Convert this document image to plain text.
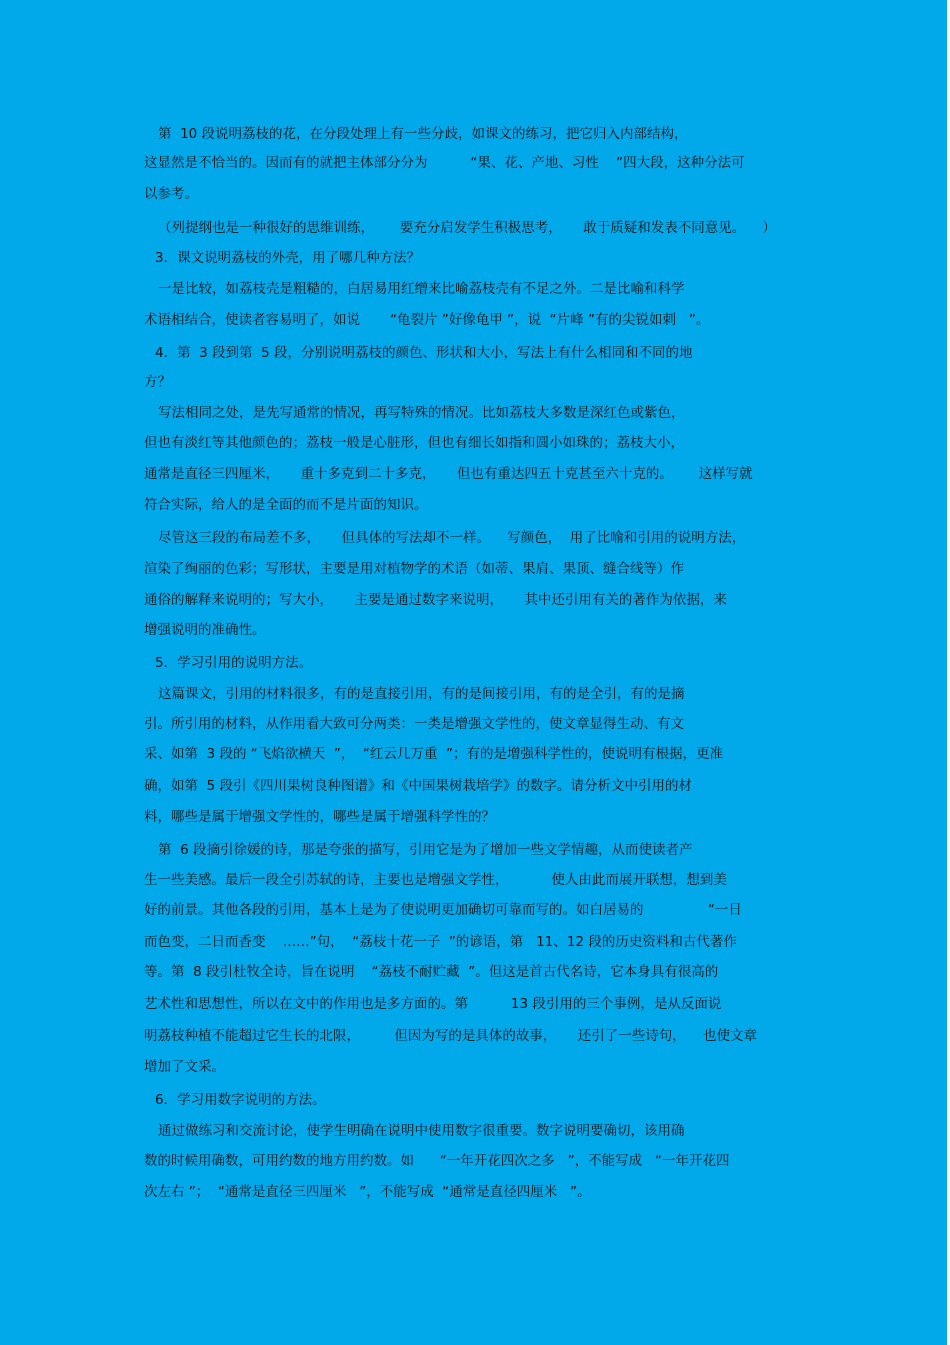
第  10 段说明荔枝的花，在分段处理上有一些分歧，如课文的练习，把它归入内部结构，
这显然是不恰当的。因而有的就把主体部分分为          “果、花、产地、习性    ”四大段，这种分法可
以参考。
（列提纲也是一种很好的思维训练，      要充分启发学生积极思考，     敢于质疑和发表不同意见。    ）
3．课文说明荔枝的外壳，用了哪几种方法？
一是比较，如荔枝壳是粗糙的，白居易用红缯来比喻荔枝壳有不足之外。二是比喻和科学
术语相结合，使读者容易明了，如说       “龟裂片 ”好像龟甲 ”，说  “片峰 ”有的尖锐如刺   ”。
4．第  3 段到第  5 段，分别说明荔枝的颜色、形状和大小，写法上有什么相同和不同的地
方？
写法相同之处，是先写通常的情况，再写特殊的情况。比如荔枝大多数是深红色或紫色，
但也有淡红等其他颜色的；荔枝一般是心脏形，但也有细长如指和圆小如珠的；荔枝大小，
通常是直径三四厘米，     重十多克到二十多克，     但也有重达四五十克甚至六十克的。      这样写就
符合实际，给人的是全面的而不是片面的知识。
尽管这三段的布局差不多，     但具体的写法却不一样。    写颜色，  用了比喻和引用的说明方法，
渲染了绚丽的色彩；写形状，主要是用对植物学的术语（如蒂、果肩、果顶、缝合线等）作
通俗的解释来说明的；写大小，     主要是通过数字来说明，     其中还引用有关的著作为依据，来
增强说明的准确性。
5．学习引用的说明方法。
这篇课文，引用的材料很多，有的是直接引用，有的是间接引用，有的是全引，有的是摘
引。所引用的材料，从作用看大致可分两类：一类是增强文学性的，使文章显得生动、有文
采、如第  3 段的 “飞焰欲横天  ”，  “红云几万重  ”；有的是增强科学性的，使说明有根据，更准
确，如第  5 段引《四川果树良种图谱》和《中国果树栽培学》的数字。请分析文中引用的材
料，哪些是属于增强文学性的，哪些是属于增强科学性的？
第  6 段摘引徐媛的诗，那是夸张的描写，引用它是为了增加一些文学情趣，从而使读者产
生一些美感。最后一段全引苏轼的诗，主要也是增强文学性，          使人由此而展开联想，想到美
好的前景。其他各段的引用，基本上是为了使说明更加确切可靠而写的。如白居易的               “一日
而色变，二日而香变    ……”句，  “荔枝十花一子  ”的谚语，第   11、12 段的历史资料和古代著作
等。第  8 段引杜牧全诗，旨在说明    “荔枝不耐贮藏  ”。但这是首古代名诗，它本身具有很高的
艺术性和思想性，所以在文中的作用也是多方面的。第          13 段引用的三个事例，是从反面说
明荔枝种植不能超过它生长的北限，        但因为写的是具体的故事，     还引了一些诗句，    也使文章
增加了文采。
6．学习用数字说明的方法。
通过做练习和交流讨论，使学生明确在说明中使用数字很重要。数字说明要确切，该用确
数的时候用确数，可用约数的地方用约数。如      “一年开花四次之多   ”，不能写成   “一年开花四
次左右 ”；  “通常是直径三四厘米   ”，不能写成  “通常是直径四厘米   ”。
